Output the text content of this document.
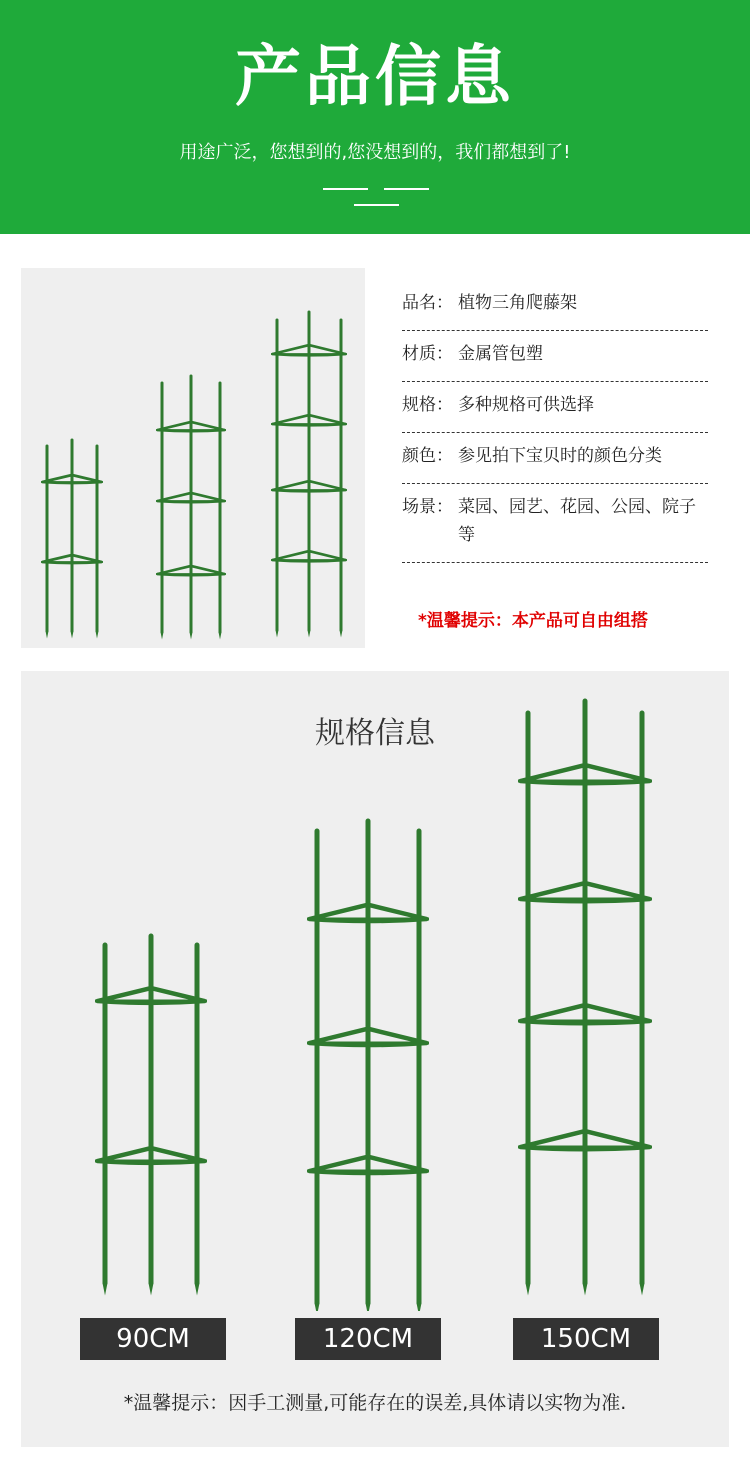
产品信息
用途广泛，您想到的,您没想到的，我们都想到了!
品名： 植物三角爬藤架
材质： 金属管包塑
规格： 多种规格可供选择
颜色： 参见拍下宝贝时的颜色分类
场景： 菜园、园艺、花园、公园、院子等
*温馨提示：本产品可自由组搭
规格信息
90CM	120CM	150CM
*温馨提示：因手工测量,可能存在的误差,具体请以实物为准.
